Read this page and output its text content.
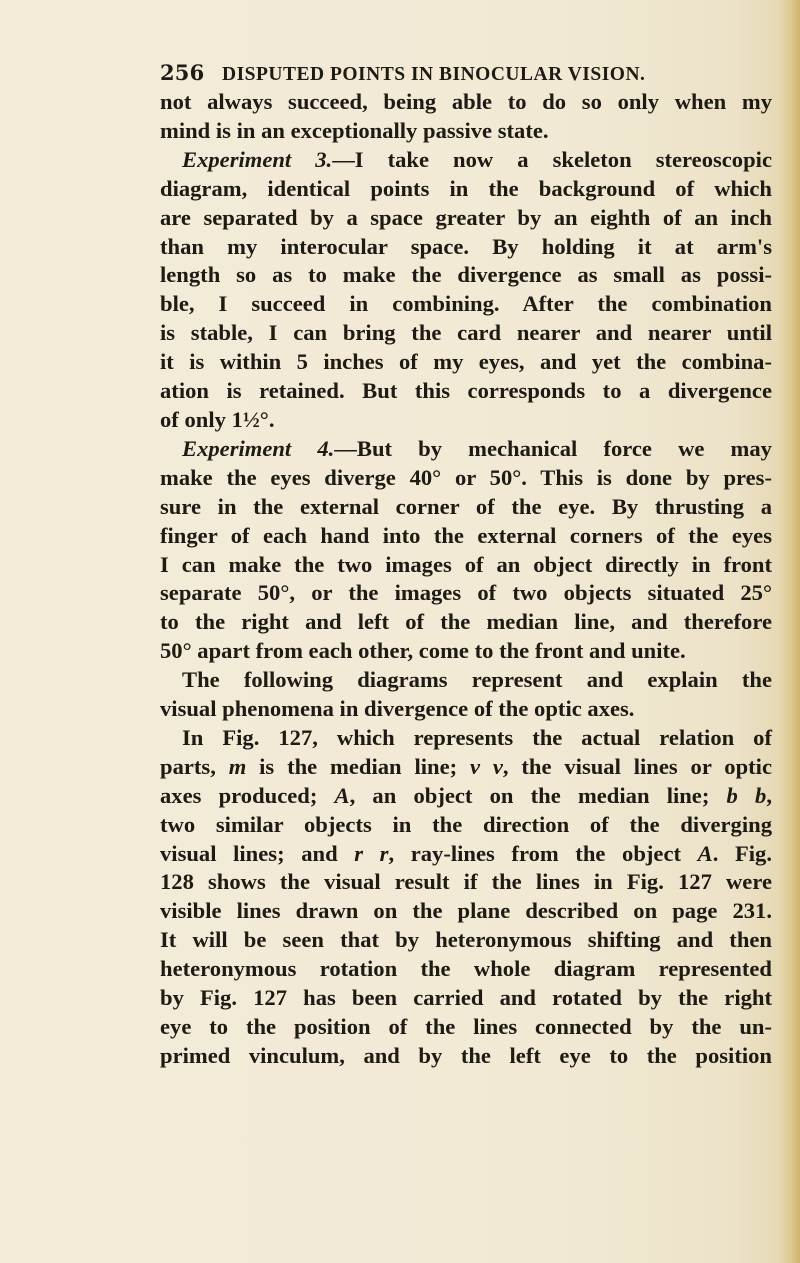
256 DISPUTED POINTS IN BINOCULAR VISION.
not always succeed, being able to do so only when my
mind is in an exceptionally passive state.
Experiment 3.—I take now a skeleton stereoscopic
diagram, identical points in the background of which
are separated by a space greater by an eighth of an inch
than my interocular space. By holding it at arm's
length so as to make the divergence as small as possi-
ble, I succeed in combining. After the combination
is stable, I can bring the card nearer and nearer until
it is within 5 inches of my eyes, and yet the combina-
ation is retained. But this corresponds to a divergence
of only 1½°.
Experiment 4.—But by mechanical force we may
make the eyes diverge 40° or 50°. This is done by pres-
sure in the external corner of the eye. By thrusting a
finger of each hand into the external corners of the eyes
I can make the two images of an object directly in front
separate 50°, or the images of two objects situated 25°
to the right and left of the median line, and therefore
50° apart from each other, come to the front and unite.
The following diagrams represent and explain the
visual phenomena in divergence of the optic axes.
In Fig. 127, which represents the actual relation of
parts, m is the median line; v v, the visual lines or optic
axes produced; A, an object on the median line; b b,
two similar objects in the direction of the diverging
visual lines; and r r, ray-lines from the object A. Fig.
128 shows the visual result if the lines in Fig. 127 were
visible lines drawn on the plane described on page 231.
It will be seen that by heteronymous shifting and then
heteronymous rotation the whole diagram represented
by Fig. 127 has been carried and rotated by the right
eye to the position of the lines connected by the un-
primed vinculum, and by the left eye to the position
